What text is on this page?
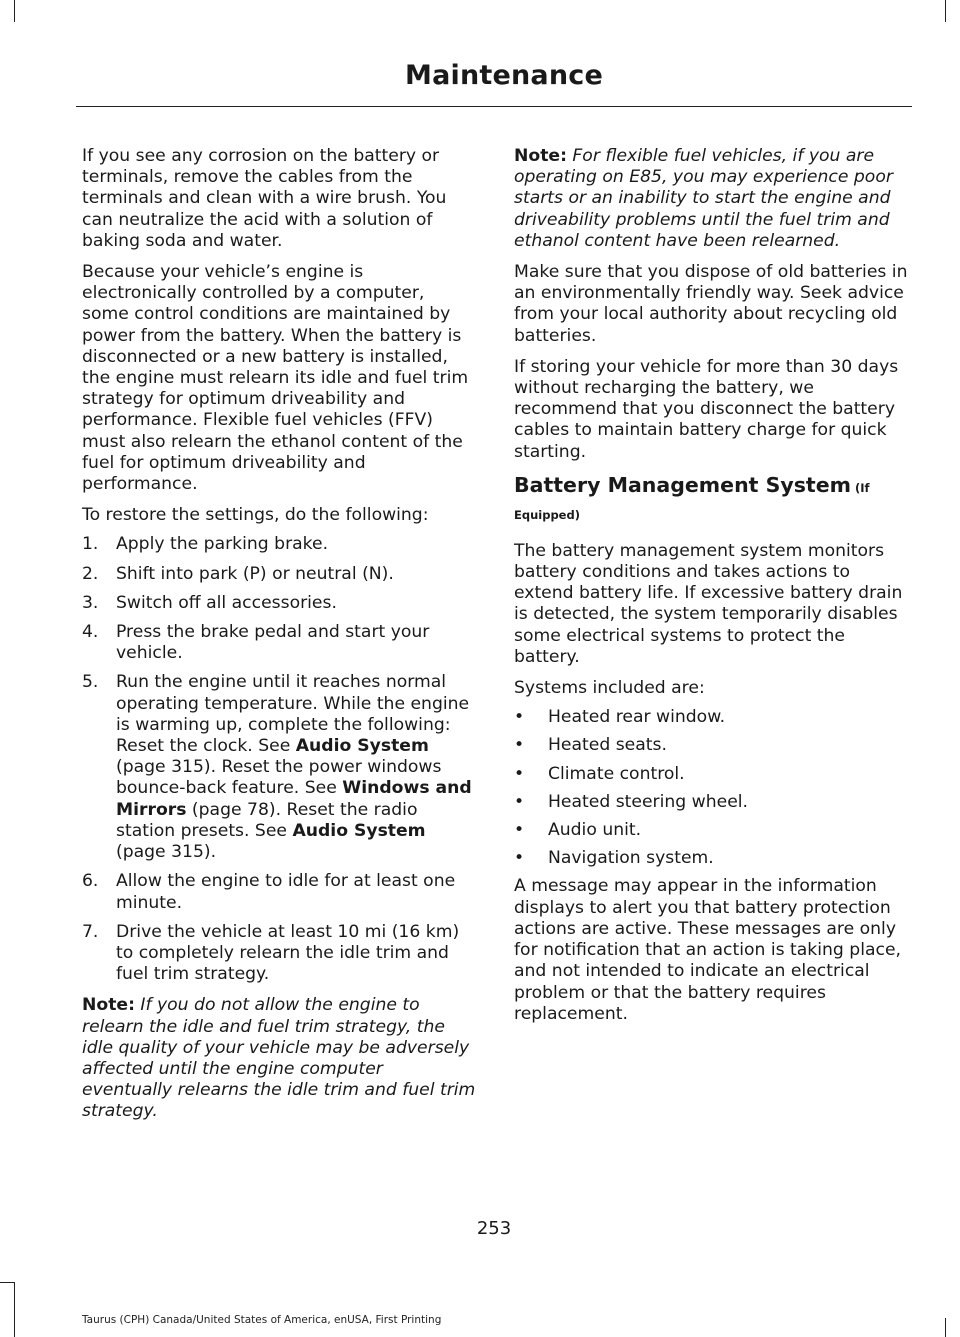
Maintenance

If you see any corrosion on the battery or terminals, remove the cables from the terminals and clean with a wire brush. You can neutralize the acid with a solution of baking soda and water.

Because your vehicle’s engine is electronically controlled by a computer, some control conditions are maintained by power from the battery. When the battery is disconnected or a new battery is installed, the engine must relearn its idle and fuel trim strategy for optimum driveability and performance. Flexible fuel vehicles (FFV) must also relearn the ethanol content of the fuel for optimum driveability and performance.

To restore the settings, do the following:

1. Apply the parking brake.
2. Shift into park (P) or neutral (N).
3. Switch off all accessories.
4. Press the brake pedal and start your vehicle.
5. Run the engine until it reaches normal operating temperature. While the engine is warming up, complete the following: Reset the clock. See Audio System (page 315). Reset the power windows bounce-back feature. See Windows and Mirrors (page 78). Reset the radio station presets. See Audio System (page 315).
6. Allow the engine to idle for at least one minute.
7. Drive the vehicle at least 10 mi (16 km) to completely relearn the idle trim and fuel trim strategy.

Note: If you do not allow the engine to relearn the idle and fuel trim strategy, the idle quality of your vehicle may be adversely affected until the engine computer eventually relearns the idle trim and fuel trim strategy.

Note: For flexible fuel vehicles, if you are operating on E85, you may experience poor starts or an inability to start the engine and driveability problems until the fuel trim and ethanol content have been relearned.

Make sure that you dispose of old batteries in an environmentally friendly way. Seek advice from your local authority about recycling old batteries.

If storing your vehicle for more than 30 days without recharging the battery, we recommend that you disconnect the battery cables to maintain battery charge for quick starting.

Battery Management System (If Equipped)

The battery management system monitors battery conditions and takes actions to extend battery life. If excessive battery drain is detected, the system temporarily disables some electrical systems to protect the battery.

Systems included are:

• Heated rear window.
• Heated seats.
• Climate control.
• Heated steering wheel.
• Audio unit.
• Navigation system.

A message may appear in the information displays to alert you that battery protection actions are active. These messages are only for notification that an action is taking place, and not intended to indicate an electrical problem or that the battery requires replacement.

253
Taurus (CPH) Canada/United States of America, enUSA, First Printing
